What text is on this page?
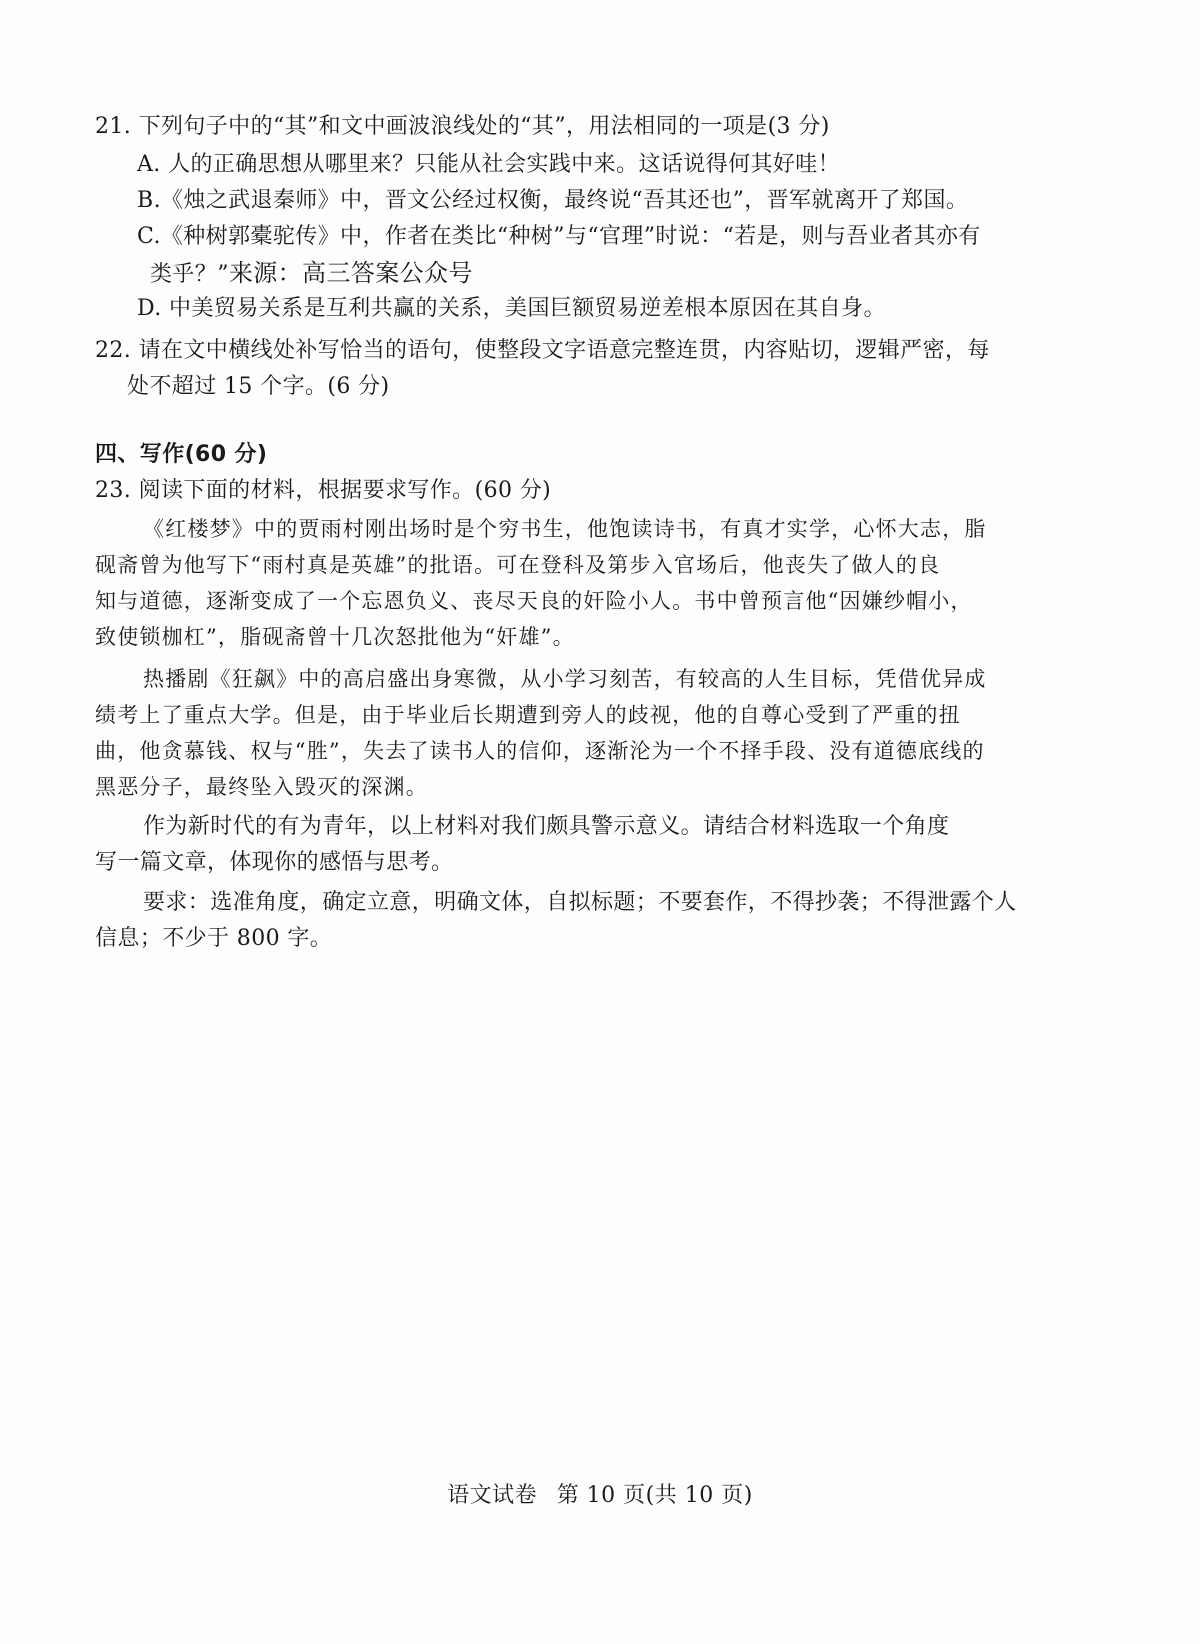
21. 下列句子中的“其”和文中画波浪线处的“其”，用法相同的一项是(3 分)
A. 人的正确思想从哪里来？只能从社会实践中来。这话说得何其好哇！
B.《烛之武退秦师》中，晋文公经过权衡，最终说“吾其还也”，晋军就离开了郑国。
C.《种树郭橐驼传》中，作者在类比“种树”与“官理”时说：“若是，则与吾业者其亦有
类乎？”来源：高三答案公众号
D. 中美贸易关系是互利共赢的关系，美国巨额贸易逆差根本原因在其自身。
22. 请在文中横线处补写恰当的语句，使整段文字语意完整连贯，内容贴切，逻辑严密，每
处不超过 15 个字。(6 分)
四、写作(60 分)
23. 阅读下面的材料，根据要求写作。(60 分)
《红楼梦》中的贾雨村刚出场时是个穷书生，他饱读诗书，有真才实学，心怀大志，脂
砚斋曾为他写下“雨村真是英雄”的批语。可在登科及第步入官场后，他丧失了做人的良
知与道德，逐渐变成了一个忘恩负义、丧尽天良的奸险小人。书中曾预言他“因嫌纱帽小，
致使锁枷杠”，脂砚斋曾十几次怒批他为“奸雄”。
热播剧《狂飙》中的高启盛出身寒微，从小学习刻苦，有较高的人生目标，凭借优异成
绩考上了重点大学。但是，由于毕业后长期遭到旁人的歧视，他的自尊心受到了严重的扭
曲，他贪慕钱、权与“胜”，失去了读书人的信仰，逐渐沦为一个不择手段、没有道德底线的
黑恶分子，最终坠入毁灭的深渊。
作为新时代的有为青年，以上材料对我们颇具警示意义。请结合材料选取一个角度
写一篇文章，体现你的感悟与思考。
要求：选准角度，确定立意，明确文体，自拟标题；不要套作，不得抄袭；不得泄露个人
信息；不少于 800 字。
语文试卷 第 10 页(共 10 页)
